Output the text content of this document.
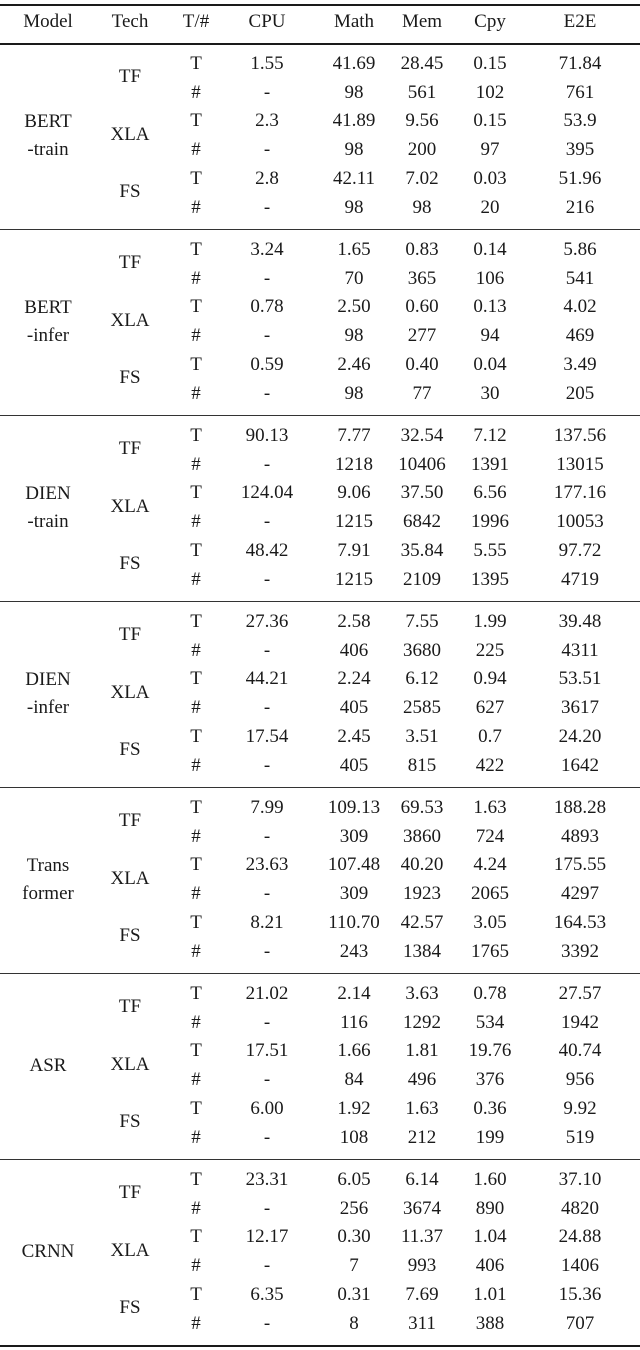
Model Tech T/# CPU	Math Mem Cpy	E2E
BERT
-train
TF
T	1.55	41.69 28.45 0.15	71.84
#	-	98 561 102	761
XLA
T	2.3	41.89 9.56 0.15	53.9
#	-	98 200 97	395
FS
T	2.8	42.11 7.02 0.03	51.96
#	-	98	98	20	216
BERT
-infer
TF
T	3.24	1.65 0.83 0.14	5.86
#	-	70 365 106	541
XLA
T	0.78	2.50 0.60 0.13	4.02
#	-	98 277 94	469
FS
T	0.59	2.46 0.40 0.04	3.49
#	-	98	77	30	205
DIEN
-train
TF
T 90.13	7.77 32.54 7.12 137.56
#	-	1218 10406 1391 13015
XLA
T 124.04 9.06 37.50 6.56 177.16
#	-	1215 6842 1996 10053
FS
T 48.42	7.91 35.84 5.55	97.72
#	-	1215 2109 1395	4719
DIEN
-infer
TF
T 27.36	2.58 7.55 1.99	39.48
#	-	406 3680 225	4311
XLA
T 44.21	2.24 6.12 0.94	53.51
#	-	405 2585 627	3617
FS
T 17.54	2.45 3.51 0.7	24.20
#	-	405 815 422	1642
Trans
former
TF
T	7.99 109.13 69.53 1.63 188.28
#	-	309 3860 724	4893
XLA
T 23.63 107.48 40.20 4.24 175.55
#	-	309 1923 2065	4297
FS
T	8.21 110.70 42.57 3.05 164.53
#	-	243 1384 1765	3392
ASR
TF
T 21.02	2.14 3.63 0.78	27.57
#	-	116 1292 534	1942
XLA
T 17.51	1.66 1.81 19.76 40.74
#	-	84 496 376	956
FS
T	6.00	1.92 1.63 0.36	9.92
#	-	108 212 199	519
CRNN
TF
T 23.31	6.05 6.14 1.60	37.10
#	-	256 3674 890	4820
XLA
T 12.17	0.30 11.37 1.04	24.88
#	-	7	993 406	1406
FS
T	6.35	0.31 7.69 1.01	15.36
#	-	8	311 388	707
